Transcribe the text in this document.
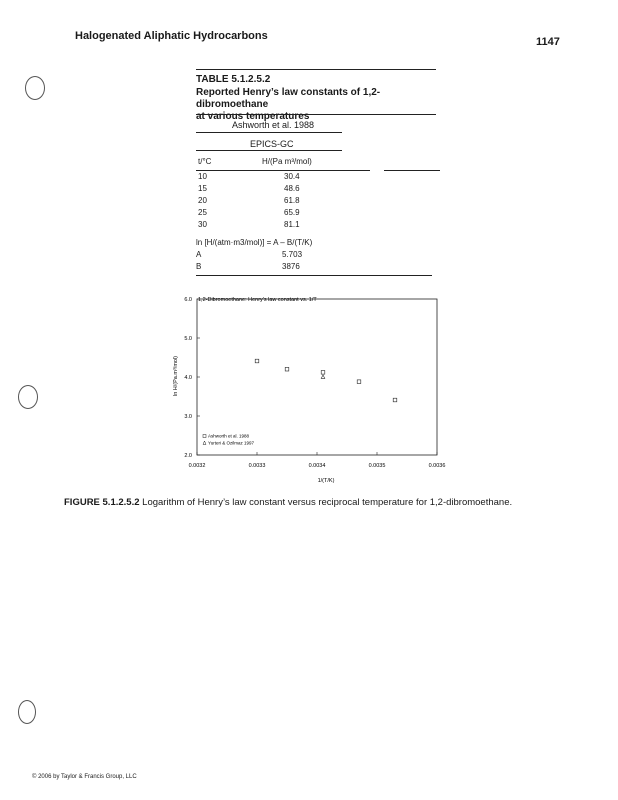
Halogenated Aliphatic Hydrocarbons	1147
TABLE 5.1.2.5.2
Reported Henry’s law constants of 1,2-dibromoethane
at various temperatures
Ashworth et al. 1988
EPICS-GC
t/°C	H/(Pa m³/mol)
10	30.4
15	48.6
20	61.8
25	65.9
30	81.1
ln [H/(atm·m3/mol)] = A – B/(T/K)
A	5.703
B	3876
0.0032	0.0033	0.0034	0.0035	0.0036
2.0
3.0
4.0
5.0
6.0
Ashworth et al. 1988
Yurteri & Ozilmaz 1997
1,2-Dibromoethane: Henry's law constant vs. 1/T
1/(T/K)
ln H/(Pa.m³/mol)
FIGURE 5.1.2.5.2 Logarithm of Henry’s law constant versus reciprocal temperature for 1,2-dibromoethane.
© 2006 by Taylor & Francis Group, LLC
